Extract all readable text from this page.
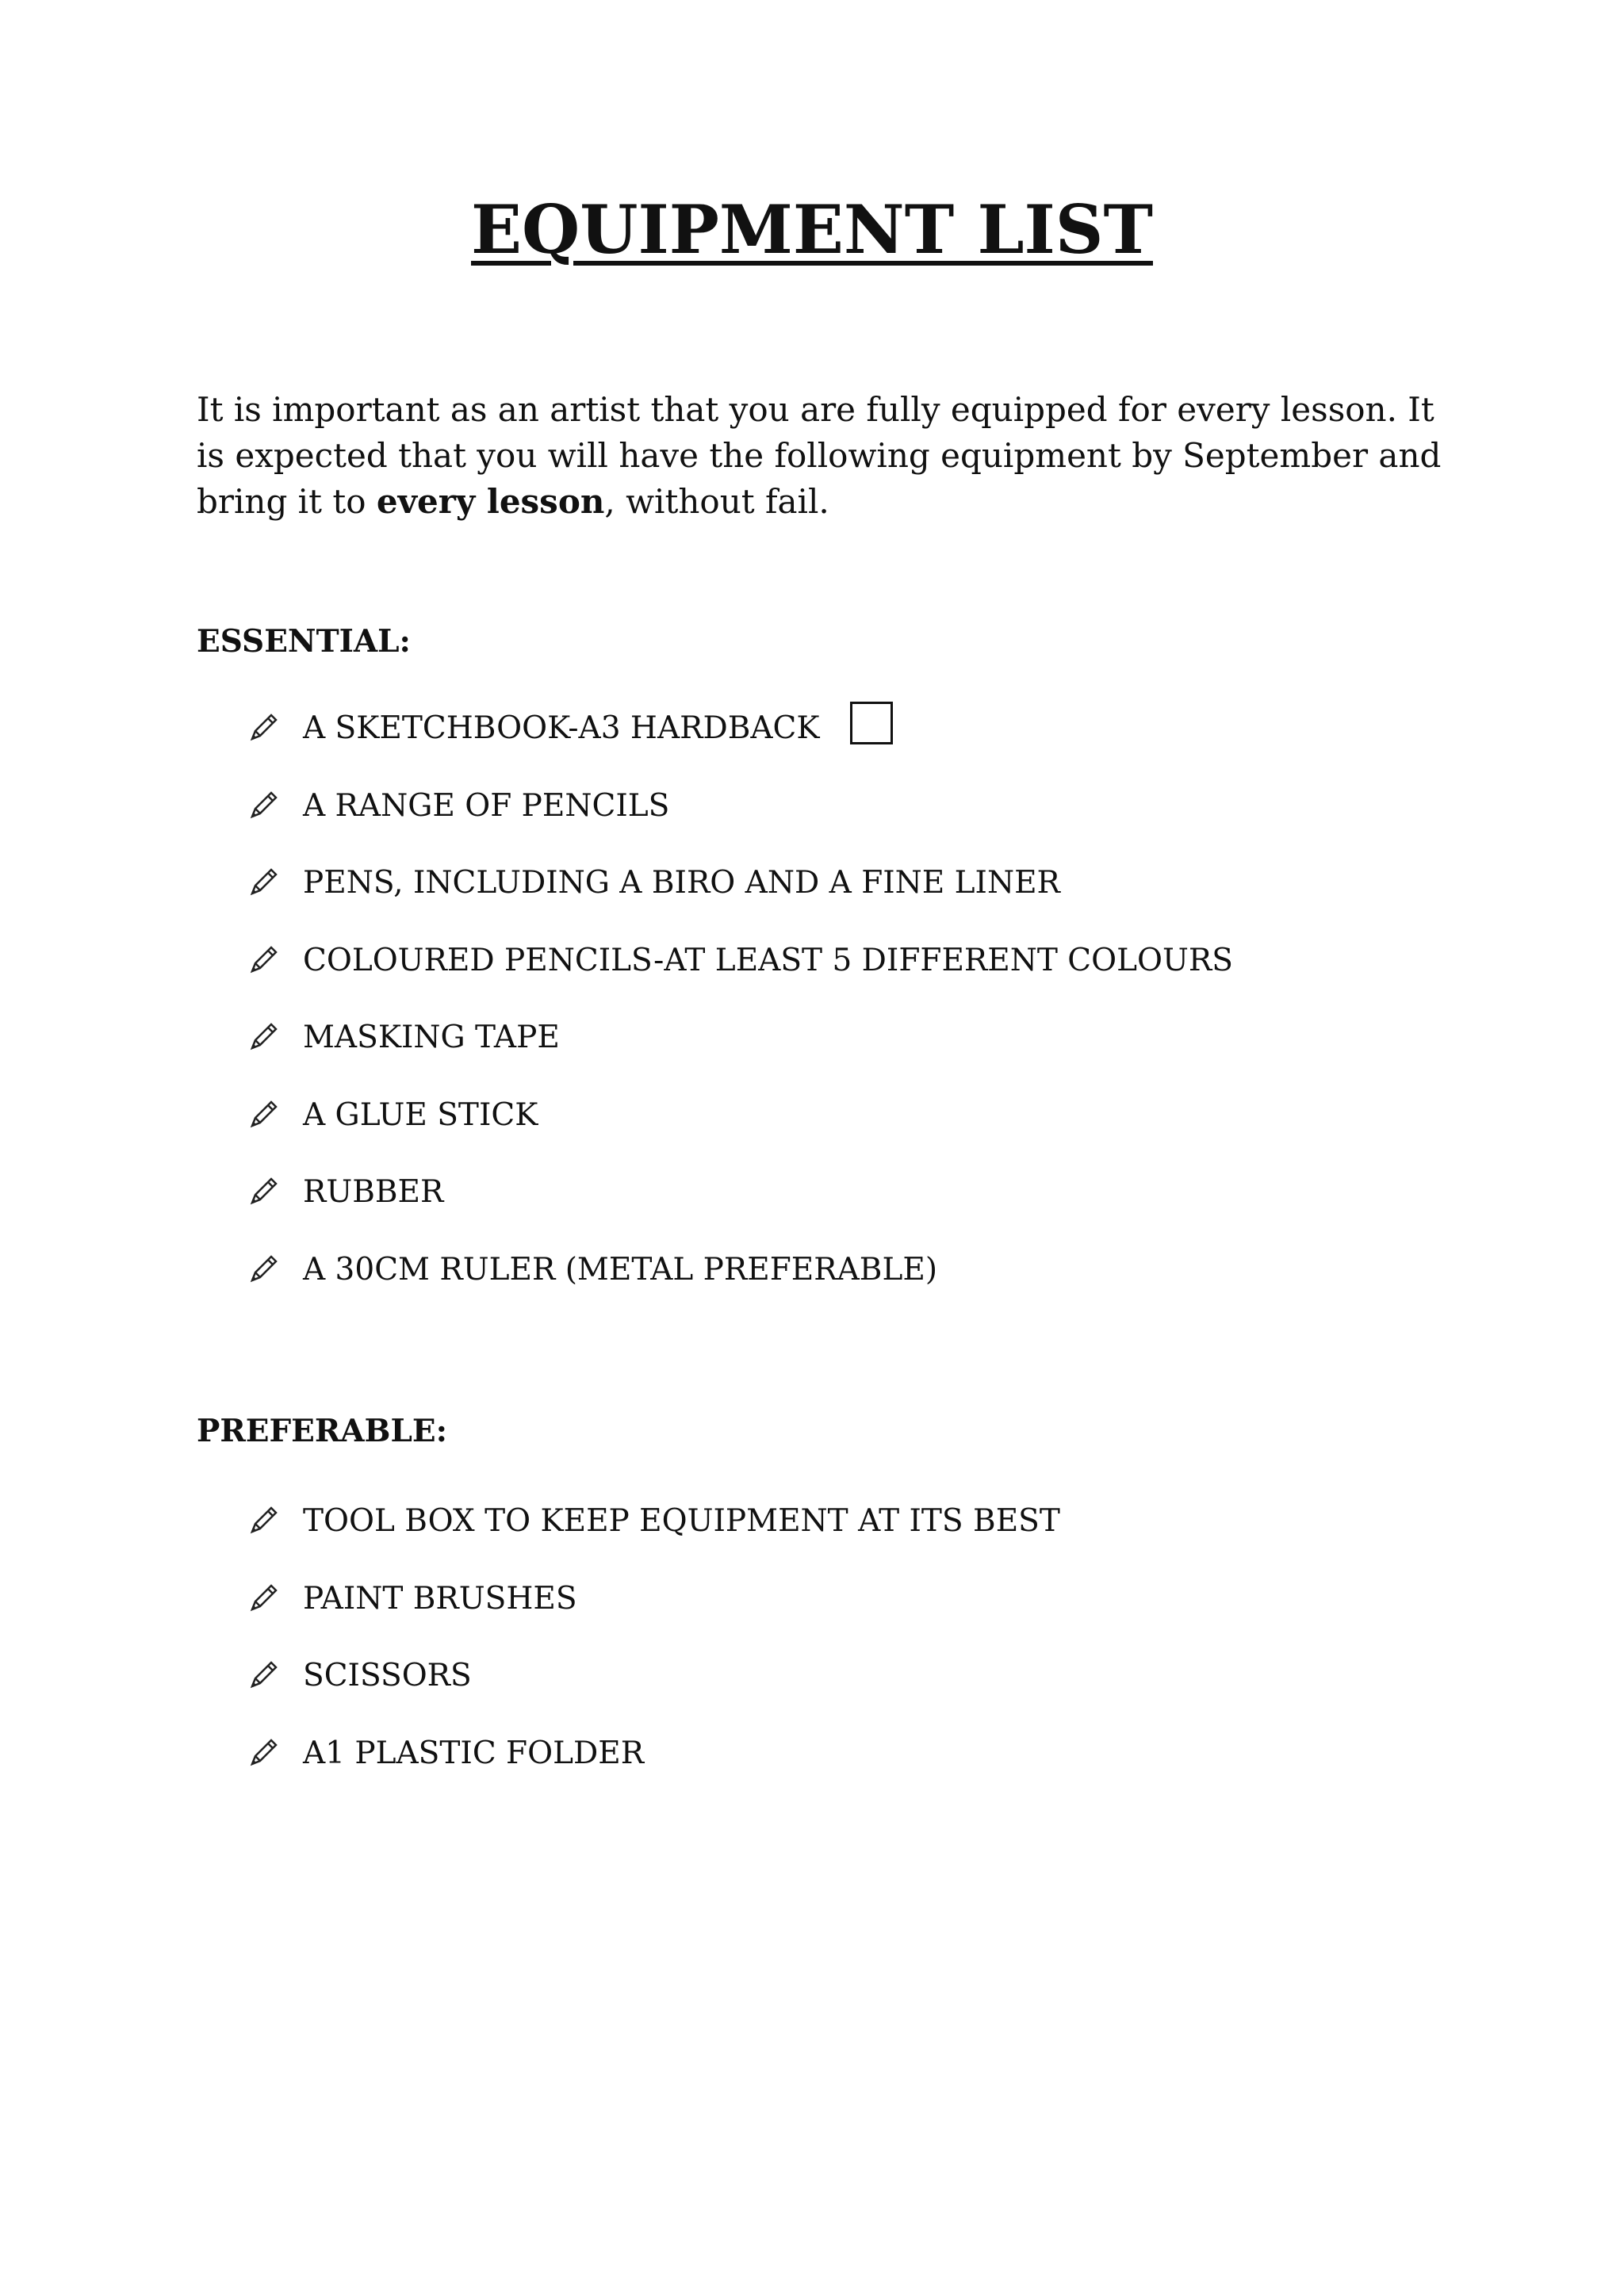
EQUIPMENT LIST

It is important as an artist that you are fully equipped for every lesson. It is expected that you will have the following equipment by September and bring it to every lesson, without fail.

ESSENTIAL:
A SKETCHBOOK-A3 HARDBACK
A RANGE OF PENCILS
PENS, INCLUDING A BIRO AND A FINE LINER
COLOURED PENCILS-AT LEAST 5 DIFFERENT COLOURS
MASKING TAPE
A GLUE STICK
RUBBER
A 30CM RULER (METAL PREFERABLE)
PREFERABLE:
TOOL BOX TO KEEP EQUIPMENT AT ITS BEST
PAINT BRUSHES
SCISSORS
A1 PLASTIC FOLDER
